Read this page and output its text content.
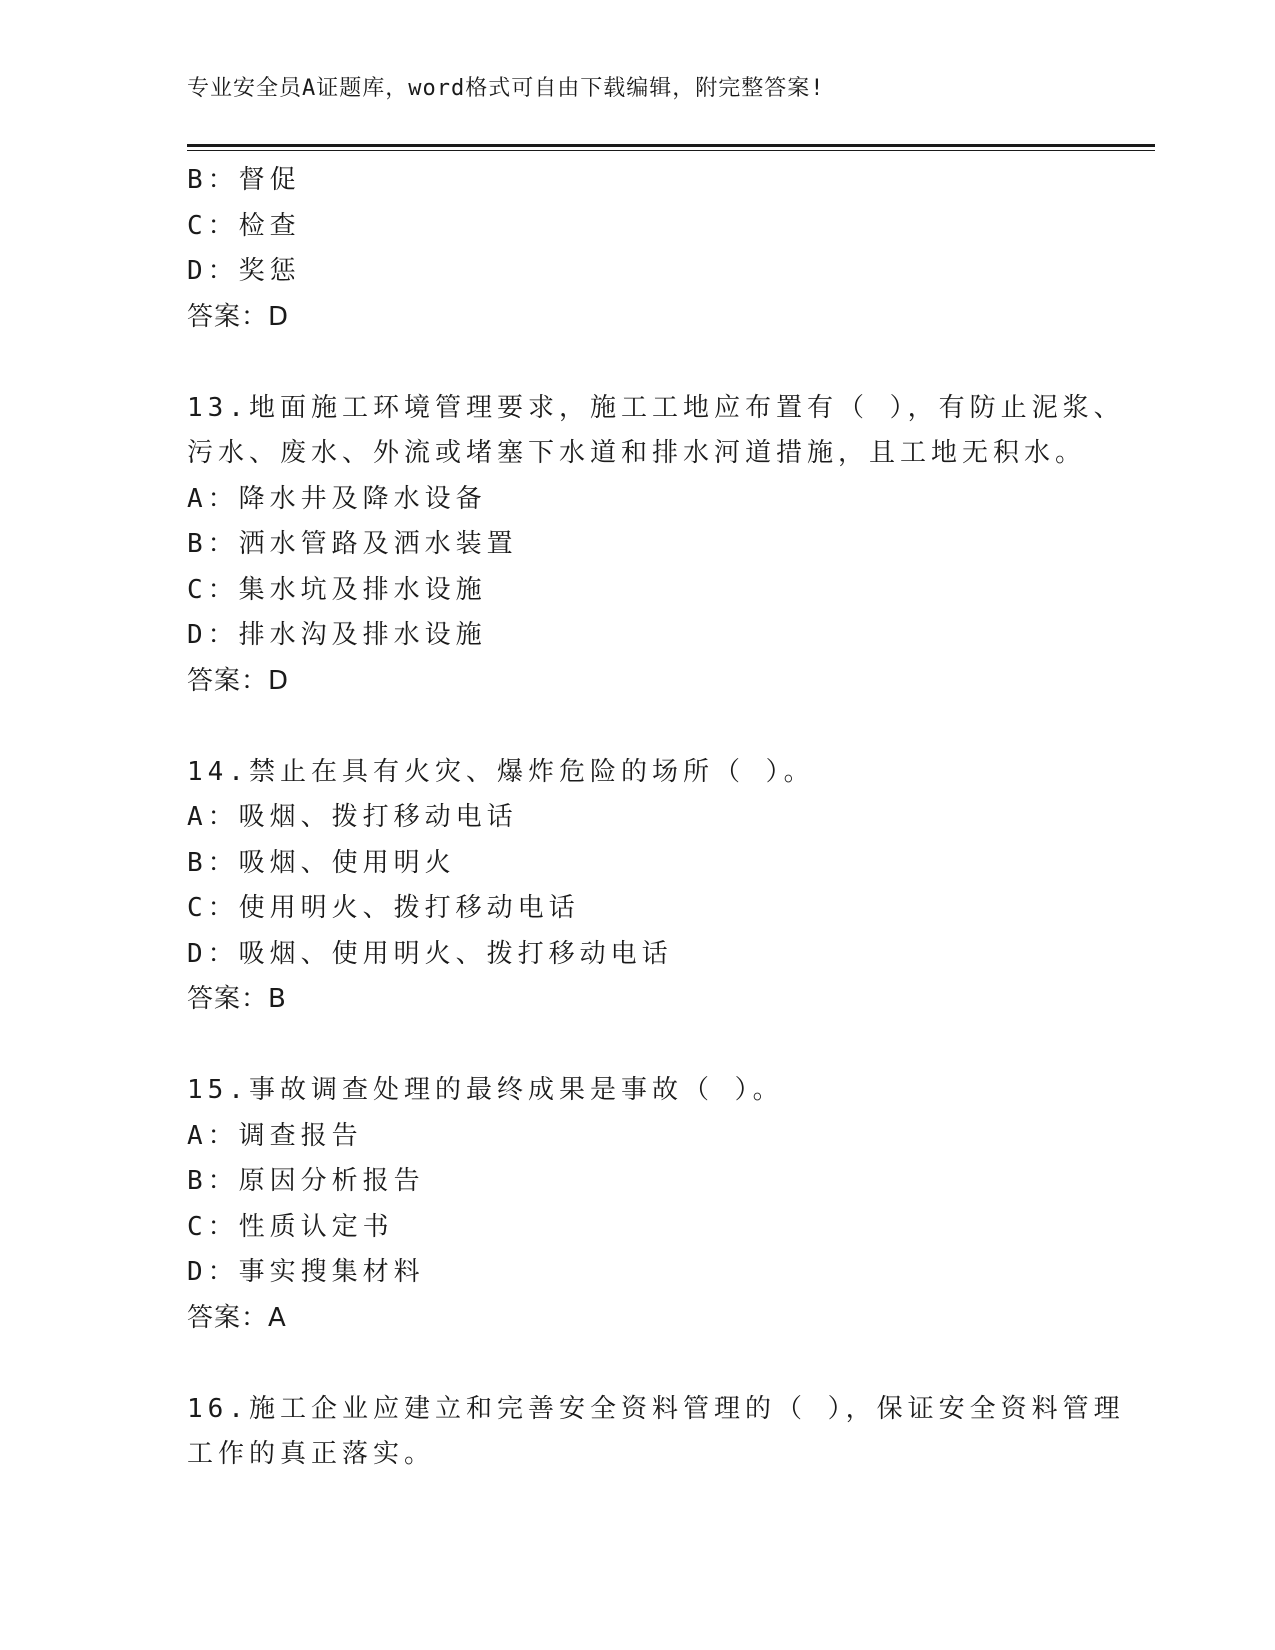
专业安全员A证题库，word格式可自由下载编辑，附完整答案!
B：督促
C：检查
D：奖惩
答案：D
13.地面施工环境管理要求，施工工地应布置有（ ），有防止泥浆、
污水、废水、外流或堵塞下水道和排水河道措施，且工地无积水。
A：降水井及降水设备
B：洒水管路及洒水装置
C：集水坑及排水设施
D：排水沟及排水设施
答案：D
14.禁止在具有火灾、爆炸危险的场所（ ）。
A：吸烟、拨打移动电话
B：吸烟、使用明火
C：使用明火、拨打移动电话
D：吸烟、使用明火、拨打移动电话
答案：B
15.事故调查处理的最终成果是事故（ ）。
A：调查报告
B：原因分析报告
C：性质认定书
D：事实搜集材料
答案：A
16.施工企业应建立和完善安全资料管理的（ ），保证安全资料管理
工作的真正落实。
